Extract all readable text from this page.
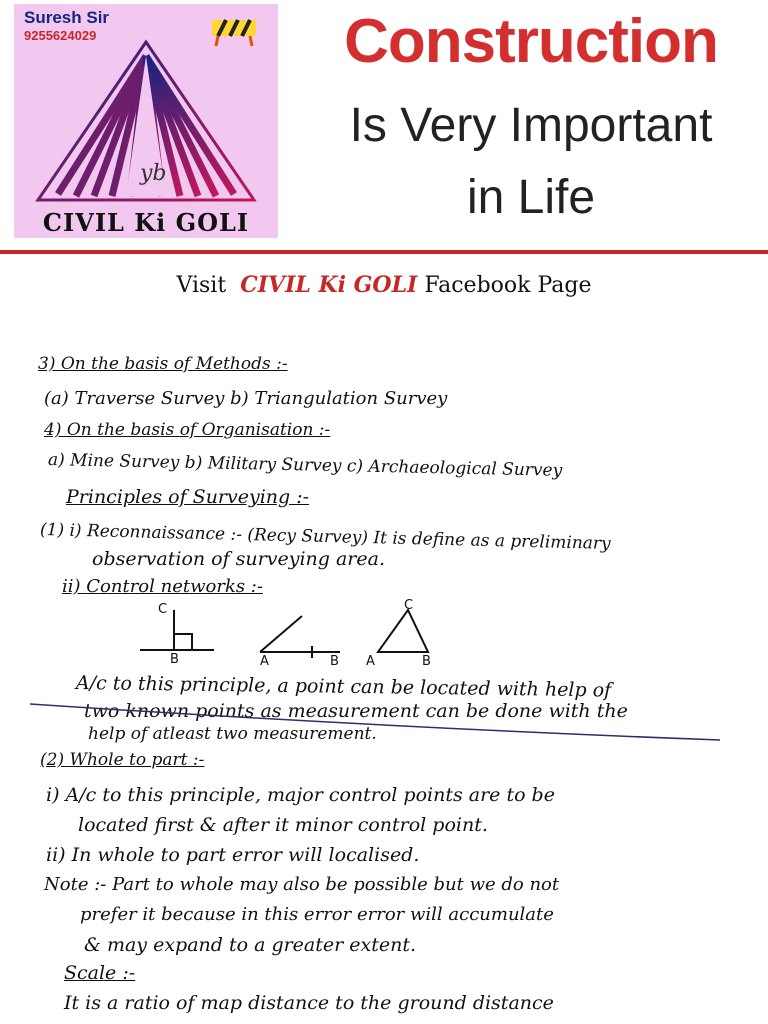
yb
Suresh Sir
9255624029
CIVIL Ki GOLI
Construction
Is Very Important
in Life
Visit CIVIL Ki GOLI Facebook Page
3) On the basis of Methods :-
(a) Traverse Survey b) Triangulation Survey
4) On the basis of Organisation :-
a) Mine Survey b) Military Survey c) Archaeological Survey
Principles of Surveying :-
(1) i) Reconnaissance :- (Recy Survey) It is define as a preliminary
observation of surveying area.
ii) Control networks :-
C
B	A	B A	B
C
A/c to this principle, a point can be located with help of
two known points as measurement can be done with the
help of atleast two measurement.
(2) Whole to part :-
i) A/c to this principle, major control points are to be
located first & after it minor control point.
ii) In whole to part error will localised.
Note :- Part to whole may also be possible but we do not
prefer it because in this error error will accumulate
& may expand to a greater extent.
Scale :-
It is a ratio of map distance to the ground distance
